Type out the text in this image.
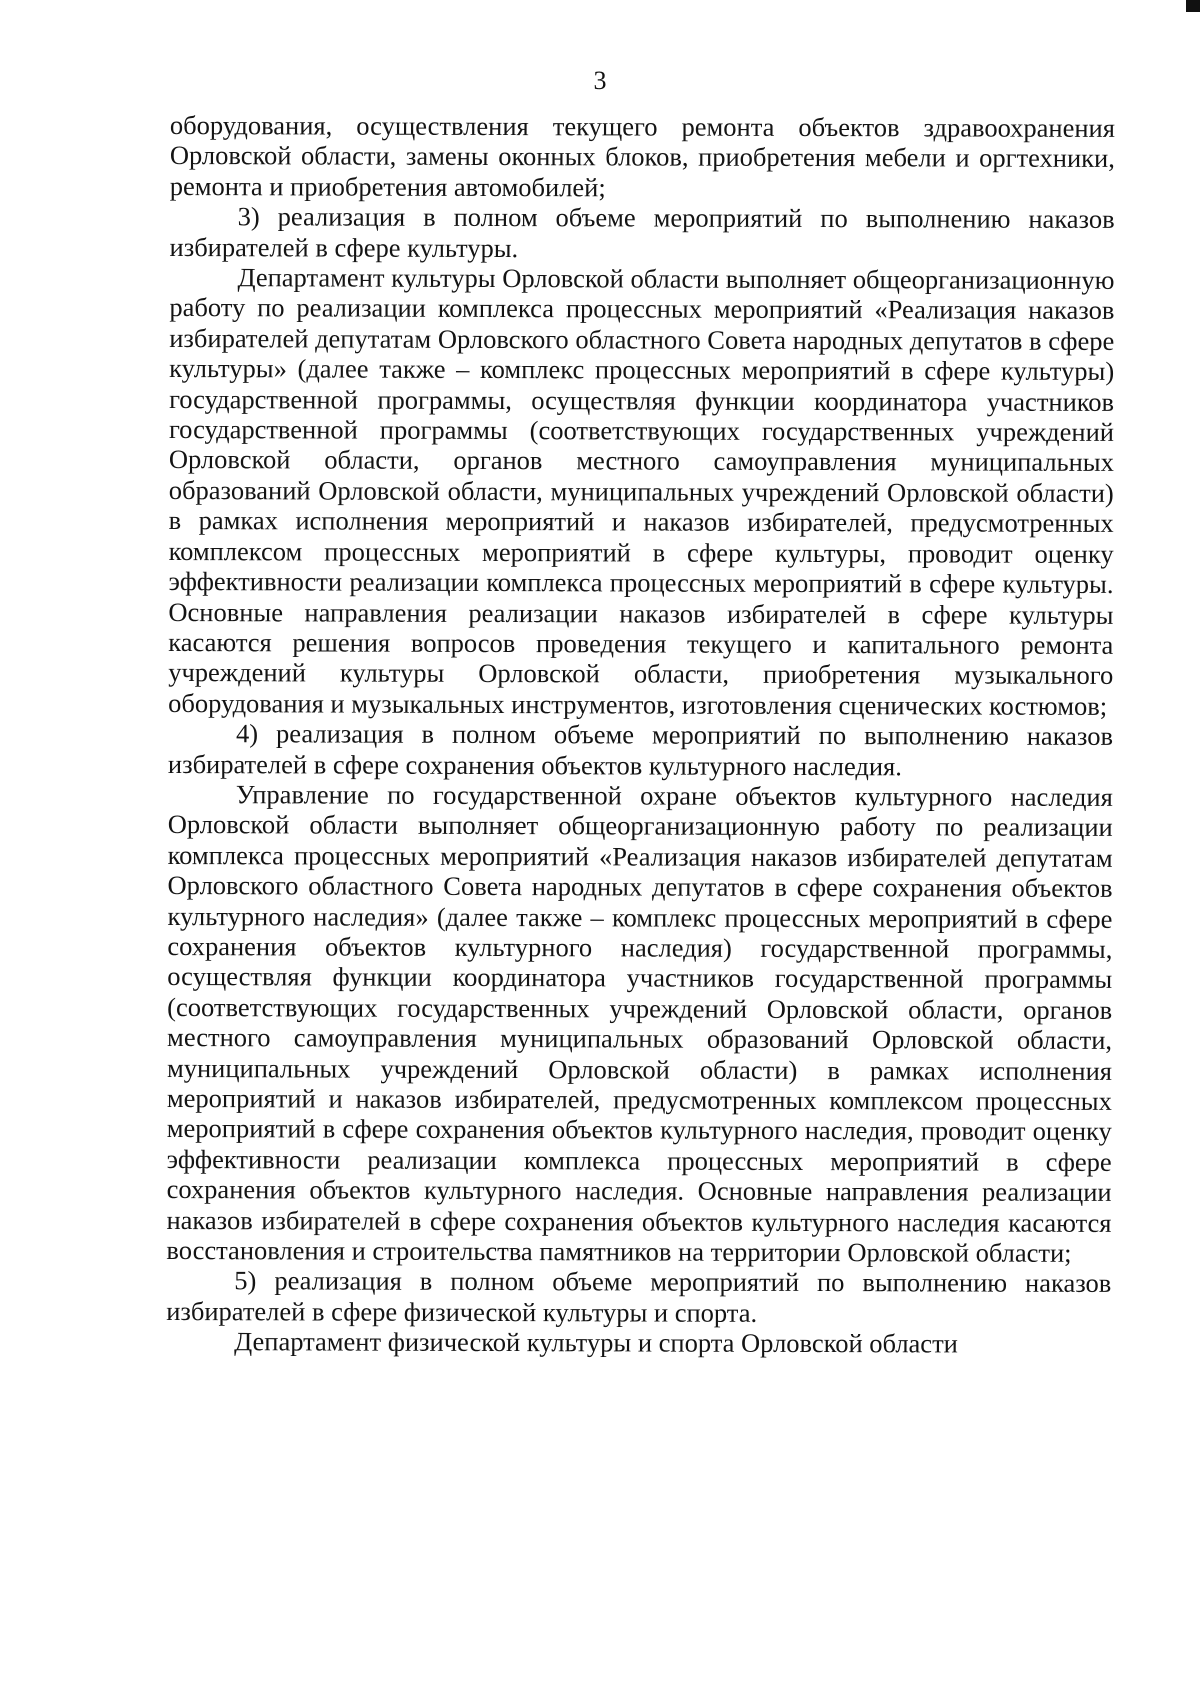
3

оборудования, осуществления текущего ремонта объектов здравоохранения Орловской области, замены оконных блоков, приобретения мебели и оргтехники, ремонта и приобретения автомобилей;

3) реализация в полном объеме мероприятий по выполнению наказов избирателей в сфере культуры.

Департамент культуры Орловской области выполняет общеорганизационную работу по реализации комплекса процессных мероприятий «Реализация наказов избирателей депутатам Орловского областного Совета народных депутатов в сфере культуры» (далее также – комплекс процессных мероприятий в сфере культуры) государственной программы, осуществляя функции координатора участников государственной программы (соответствующих государственных учреждений Орловской области, органов местного самоуправления муниципальных образований Орловской области, муниципальных учреждений Орловской области) в рамках исполнения мероприятий и наказов избирателей, предусмотренных комплексом процессных мероприятий в сфере культуры, проводит оценку эффективности реализации комплекса процессных мероприятий в сфере культуры. Основные направления реализации наказов избирателей в сфере культуры касаются решения вопросов проведения текущего и капитального ремонта учреждений культуры Орловской области, приобретения музыкального оборудования и музыкальных инструментов, изготовления сценических костюмов;

4) реализация в полном объеме мероприятий по выполнению наказов избирателей в сфере сохранения объектов культурного наследия.

Управление по государственной охране объектов культурного наследия Орловской области выполняет общеорганизационную работу по реализации комплекса процессных мероприятий «Реализация наказов избирателей депутатам Орловского областного Совета народных депутатов в сфере сохранения объектов культурного наследия» (далее также – комплекс процессных мероприятий в сфере сохранения объектов культурного наследия) государственной программы, осуществляя функции координатора участников государственной программы (соответствующих государственных учреждений Орловской области, органов местного самоуправления муниципальных образований Орловской области, муниципальных учреждений Орловской области) в рамках исполнения мероприятий и наказов избирателей, предусмотренных комплексом процессных мероприятий в сфере сохранения объектов культурного наследия, проводит оценку эффективности реализации комплекса процессных мероприятий в сфере сохранения объектов культурного наследия. Основные направления реализации наказов избирателей в сфере сохранения объектов культурного наследия касаются восстановления и строительства памятников на территории Орловской области;

5) реализация в полном объеме мероприятий по выполнению наказов избирателей в сфере физической культуры и спорта.

Департамент физической культуры и спорта Орловской области
